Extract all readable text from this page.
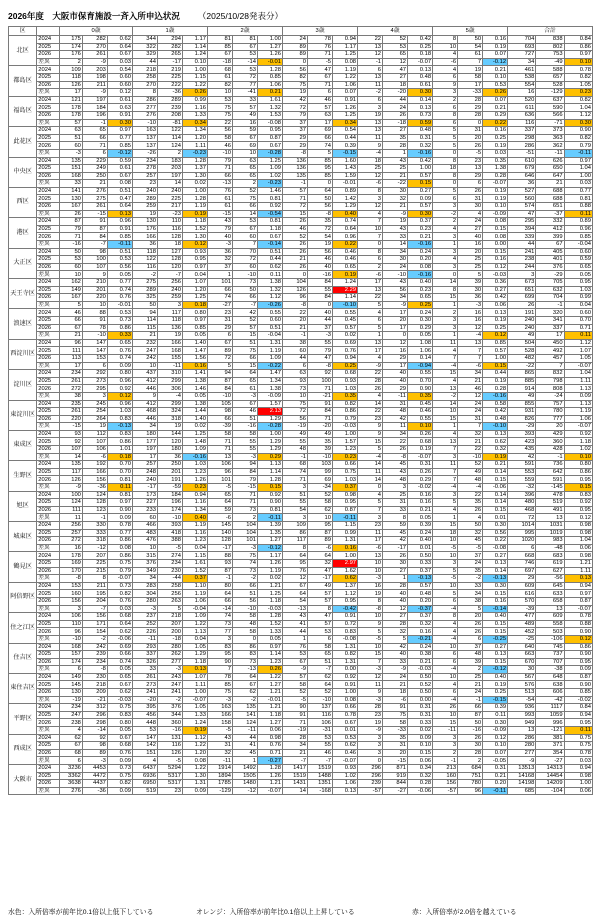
2026年度　大阪市保育施設一斉入所申込状況 （2025/10/28発表分）
区		0歳			1歳			2歳			3歳			4歳			5歳			合計		
北区	2024	175	282	0.62	344	294	1.17	81	81	1.00	24	78	0.94	22	52	0.42	8	50	0.16	704	838	0.84
	2025	174	270	0.64	322	282	1.14	85	67	1.27	89	76	1.17	13	53	0.25	10	54	0.19	693	802	0.86
	2026	176	261	0.67	329	265	1.24	67	53	1.26	89	71	1.25	12	65	0.18	4	61	0.07	727	753	0.97
	差異	2	-9	0.03	44	-17	0.10	-18	-14	-0.01	0	-5	0.08	-1	12	-0.07	-6	7	-0.12	34	-49	0.10
都島区	2024	109	203	0.54	218	219	1.00	68	53	1.28	56	47	1.19	6	47	0.13	4	19	0.21	461	588	0.78
	2025	118	198	0.60	258	225	1.15	61	72	0.85	82	67	1.22	13	27	0.48	6	58	0.10	538	657	0.82
	2026	126	211	0.60	270	222	1.22	82	77	1.06	75	71	1.06	11	18	0.61	9	17	0.53	554	528	1.05
	差異	17	-9	0.12	8	-36	0.26	10	-41	0.21	19	6	0.07	-2	-20	0.30	3	-33	0.26	16	-129	0.23
福島区	2024	121	197	0.61	286	289	0.99	53	33	1.61	42	46	0.91	6	44	0.14	2	28	0.07	520	637	0.82
	2025	178	184	0.63	277	239	1.16	75	57	1.32	72	57	1.26	3	24	0.13	6	29	0.21	611	590	1.04
	2026	178	196	0.91	276	208	1.33	75	49	1.53	79	63	1.25	19	26	0.73	8	28	0.29	636	566	1.12
	差異	57	-1	0.30	-10	-81	0.34	22	16	-0.08	37	17	0.34	13	-18	0.59	6	0	0.22	116	-71	0.30
此花区	2024	63	65	0.97	163	122	1.34	56	59	0.95	37	69	0.54	13	27	0.48	5	31	0.16	337	373	0.90
	2025	51	66	0.77	137	114	1.20	58	67	0.87	29	66	0.44	11	35	0.31	5	20	0.25	298	363	0.82
	2026	60	71	0.85	137	124	1.11	46	69	0.67	29	74	0.39	9	28	0.32	5	26	0.19	286	362	0.79
	差異	-3	6	-0.12	-26	2	-0.23	-10	10	-0.28	-8	5	-0.15	-4	1	-0.16	0	-5	0.03	-51	-11	-0.11
中央区	2024	135	229	0.59	234	183	1.28	79	63	1.25	136	85	1.60	18	43	0.42	8	23	0.35	610	626	0.97
	2025	151	249	0.61	278	203	1.37	71	65	1.09	136	95	1.43	25	25	1.00	18	13	1.38	679	650	1.04
	2026	168	250	0.67	257	197	1.30	66	65	1.02	135	85	1.59	12	21	0.57	8	29	0.28	646	647	1.00
	差異	33	21	0.08	23	14	0.02	-13	2	-0.23	-1	0	-0.01	-6	-22	0.15	0	6	-0.07	36	21	0.03
西区	2024	141	276	0.51	240	240	1.00	76	52	1.46	57	64	0.89	8	30	0.27	5	26	0.19	527	688	0.77
	2025	130	275	0.47	289	225	1.28	61	75	0.81	71	50	1.42	3	32	0.09	6	31	0.19	560	688	0.81
	2026	167	261	0.64	259	217	1.19	61	66	0.92	72	56	1.29	12	21	0.57	3	30	0.10	574	651	0.88
	差異	26	-15	0.13	19	-23	0.19	-15	14	-0.54	15	-8	0.40	4	-9	0.30	-2	4	-0.09	47	-37	0.11
港区	2024	87	91	0.96	130	110	1.18	43	53	0.81	26	35	0.74	7	19	0.37	2	24	0.08	295	332	0.89
	2025	79	87	0.91	176	116	1.52	79	67	1.18	46	72	0.64	10	43	0.23	4	27	0.15	394	412	0.96
	2026	71	84	0.85	166	128	1.30	40	60	0.67	52	54	0.96	7	33	0.21	3	40	0.08	339	399	0.85
	差異	-16	-7	-0.11	36	18	0.12	-3	7	-0.14	26	19	0.22	0	14	-0.16	1	16	0.00	44	67	-0.04
大正区	2024	50	98	0.51	118	127	0.93	36	70	0.51	26	56	0.46	8	34	0.24	3	20	0.15	241	405	0.60
	2025	53	100	0.53	122	128	0.95	32	72	0.44	21	46	0.46	6	30	0.20	4	25	0.16	238	401	0.59
	2026	60	107	0.56	116	120	0.97	37	60	0.62	26	40	0.65	2	24	0.08	3	25	0.12	244	376	0.65
	差異	10	9	0.05	-2	-7	0.04	1	-10	0.11	0	-16	0.19	-6	-10	-0.16	0	5	-0.03	3	-29	0.05
天王寺区	2024	162	210	0.77	275	256	1.07	101	73	1.38	104	84	1.24	17	43	0.40	14	39	0.36	673	705	0.95
	2025	149	201	0.74	289	240	1.20	66	50	1.32	126	55	2.29	13	56	0.23	8	30	0.27	651	632	1.03
	2026	167	220	0.76	325	259	1.25	74	66	1.12	96	84	1.14	22	34	0.65	15	36	0.42	699	704	0.99
	差異	5	10	-0.01	50	3	0.18	-27	-7	-0.26	-8	0	-0.10	5	-9	0.25	1	-3	0.06	26	-1	0.04
浪速区	2024	46	88	0.53	94	117	0.80	23	42	0.55	22	40	0.55	4	17	0.24	2	16	0.13	191	320	0.60
	2025	66	91	0.73	114	118	0.97	31	52	0.60	20	44	0.45	6	20	0.30	3	16	0.19	240	341	0.70
	2026	67	78	0.86	115	136	0.85	29	57	0.51	21	37	0.57	5	17	0.29	3	12	0.25	240	337	0.71
	差異	21	-10	0.33	21	19	0.05	6	15	-0.04	-1	-3	0.02	1	0	0.05	1	-4	0.12	49	17	0.11
西淀川区	2024	96	147	0.65	232	166	1.40	67	51	1.31	38	55	0.69	13	12	1.08	11	13	0.85	504	450	1.12
	2025	111	147	0.76	247	168	1.47	89	75	1.19	60	79	0.76	17	16	1.06	4	7	0.57	528	492	1.07
	2026	113	153	0.74	242	155	1.56	72	66	1.09	44	47	0.94	4	29	0.14	7	7	1.00	482	457	1.05
	差異	17	6	0.09	10	-11	0.16	5	15	-0.22	6	-8	0.25	-9	17	-0.94	-4	-6	0.15	-22	7	-0.07
淀川区	2024	234	292	0.80	437	310	1.41	94	64	1.47	63	92	0.68	22	40	0.55	15	34	0.44	865	832	1.04
	2025	261	273	0.96	412	299	1.38	87	65	1.34	93	100	0.93	28	40	0.70	4	21	0.19	885	798	1.11
	2026	272	295	0.92	446	306	1.46	84	61	1.38	73	71	1.03	26	29	0.90	13	46	0.28	914	808	1.13
	差異	38	3	0.12	9	-4	0.05	-10	-3	-0.09	10	-21	0.35	4	-11	0.35	-2	12	-0.16	49	-24	0.09
東淀川区	2024	235	245	0.96	412	299	1.38	105	67	1.57	75	91	0.82	14	31	0.45	14	24	0.58	855	757	1.13
	2025	261	254	1.03	468	324	1.44	98	46	2.13	72	84	0.86	22	48	0.46	10	24	0.42	931	780	1.19
	2026	220	264	0.83	446	318	1.40	66	51	1.29	56	71	0.79	23	42	0.55	15	31	0.48	826	777	1.06
	差異	-15	19	-0.13	34	19	0.02	-39	-16	-0.28	-19	-20	-0.03	9	11	0.10	1	7	-0.10	-29	20	-0.07
東成区	2024	93	112	0.83	180	144	1.25	58	58	1.00	49	49	1.00	9	34	0.26	4	32	0.13	393	429	0.92
	2025	92	107	0.86	177	120	1.48	71	55	1.29	55	35	1.57	15	22	0.68	13	21	0.62	423	360	1.18
	2026	107	106	1.01	197	180	1.09	71	55	1.29	48	39	1.23	5	26	0.19	7	22	0.32	435	428	1.02
	差異	14	-6	0.18	17	36	-0.16	13	-3	0.29	-1	-10	0.23	-4	-8	-0.07	3	-10	0.19	42	-1	0.10
生野区	2024	135	192	0.70	257	250	1.03	106	94	1.13	68	103	0.66	14	45	0.31	11	52	0.21	591	736	0.80
	2025	117	166	0.70	248	201	1.23	96	84	1.14	74	99	0.75	11	43	0.26	7	49	0.14	553	642	0.86
	2026	126	156	0.81	240	191	1.26	101	79	1.28	71	69	1.03	14	48	0.29	7	48	0.15	559	591	0.95
	差異	-9	-36	0.11	-17	-59	0.23	-5	-15	0.15	3	-34	0.37	0	3	-0.02	-4	-4	-0.06	-32	-145	0.15
旭区	2024	100	124	0.81	173	184	0.94	65	71	0.92	51	52	0.98	4	25	0.16	3	22	0.14	396	478	0.83
	2025	124	128	0.97	227	196	1.16	64	71	0.90	55	58	0.95	5	31	0.16	5	35	0.14	480	519	0.92
	2026	111	123	0.90	233	174	1.34	59	73	0.81	54	62	0.87	7	33	0.21	4	26	0.15	468	491	0.95
	差異	11	-1	0.09	60	-10	0.40	-6	2	-0.11	3	10	-0.11	3	8	0.05	1	4	0.01	72	13	0.12
城東区	2024	256	330	0.78	466	393	1.19	145	104	1.39	109	95	1.15	23	59	0.39	15	50	0.30	1014	1031	0.98
	2025	257	333	0.77	483	418	1.16	140	104	1.35	86	87	0.99	11	45	0.24	18	32	0.56	995	1019	0.98
	2026	272	318	0.86	476	388	1.23	128	101	1.27	117	89	1.31	17	42	0.40	10	45	0.22	1020	983	1.04
	差異	16	-12	0.08	10	-5	0.04	-17	-3	-0.12	8	-6	0.16	-6	-17	0.01	-5	-5	-0.08	6	-48	0.06
鶴見区	2024	178	207	0.86	315	274	1.15	88	75	1.17	64	64	1.00	13	26	0.50	10	37	0.27	668	683	0.98
	2025	169	225	0.75	376	234	1.61	93	74	1.26	95	32	2.97	10	30	0.33	3	24	0.13	746	619	1.21
	2026	170	215	0.79	349	230	1.52	87	73	1.19	76	47	1.62	10	27	0.37	5	35	0.14	697	627	1.11
	差異	-8	8	-0.07	34	-44	0.37	-1	-2	0.02	12	-17	0.62	-3	1	-0.13	-5	-2	-0.13	29	-56	0.13
阿倍野区	2024	153	211	0.73	283	258	1.10	80	66	1.21	67	49	1.37	16	28	0.57	10	33	0.30	609	645	0.94
	2025	160	195	0.82	304	256	1.19	64	51	1.25	64	57	1.12	19	40	0.48	5	34	0.15	616	633	0.97
	2026	156	204	0.76	280	263	1.06	66	56	1.18	54	57	0.95	8	40	0.20	6	38	0.16	570	658	0.87
	差異	3	-7	0.03	-3	5	-0.04	-14	-10	-0.03	-13	8	-0.42	-8	12	-0.37	-4	5	-0.14	-39	13	-0.07
住之江区	2024	106	156	0.68	237	218	1.09	74	58	1.28	43	47	0.91	10	27	0.37	8	20	0.40	477	609	0.78
	2025	110	171	0.64	252	207	1.22	73	48	1.52	41	57	0.72	9	28	0.32	4	26	0.15	489	558	0.88
	2026	96	154	0.62	226	200	1.13	77	58	1.33	44	53	0.83	5	32	0.16	4	26	0.15	452	503	0.90
	差異	-10	-2	-0.06	-11	-18	0.04	3	0	0.05	1	6	-0.08	-5	5	-0.21	-4	6	-0.25	-25	-106	0.12
住吉区	2024	168	242	0.69	293	280	1.05	83	86	0.97	76	58	1.31	10	42	0.24	10	37	0.27	640	745	0.86
	2025	157	239	0.66	337	262	1.29	95	83	1.14	53	65	0.82	15	40	0.38	6	48	0.13	663	737	0.90
	2026	174	234	0.74	326	277	1.18	90	73	1.23	67	51	1.31	7	33	0.21	6	39	0.15	670	707	0.95
	差異	6	-8	0.05	33	-3	0.13	7	-13	0.26	-9	-7	0.00	-3	-9	-0.03	-4	2	-0.12	30	-38	0.09
東住吉区	2024	149	230	0.65	261	243	1.07	78	64	1.22	57	62	0.92	12	24	0.50	10	25	0.40	567	648	0.87
	2025	145	218	0.67	273	247	1.11	85	67	1.27	58	64	0.91	11	21	0.52	4	21	0.19	576	638	0.90
	2026	130	209	0.62	241	241	1.00	75	62	1.21	52	52	1.00	9	18	0.50	6	24	0.25	513	606	0.85
	差異	-19	-21	-0.03	-20	-2	-0.07	-3	-2	-0.01	-5	-10	0.08	-3	-6	0.00	-4	-1	-0.15	-54	-42	-0.02
平野区	2024	234	312	0.75	395	376	1.05	163	135	1.21	90	137	0.66	28	91	0.31	26	66	0.39	936	1117	0.84
	2025	247	296	0.83	456	344	1.33	166	141	1.18	91	116	0.78	23	75	0.31	10	87	0.11	993	1059	0.94
	2026	238	298	0.80	448	360	1.24	158	124	1.27	71	106	0.67	19	58	0.33	15	50	0.30	949	996	0.95
	差異	4	-14	0.05	53	-16	0.19	-5	-11	0.06	-19	-31	0.01	-9	-33	0.02	-11	-16	-0.09	13	-121	0.11
西成区	2024	62	92	0.67	147	131	1.12	43	44	0.98	28	53	0.53	3	35	0.09	3	26	0.12	286	381	0.75
	2025	67	98	0.68	142	116	1.22	31	41	0.76	34	55	0.62	3	31	0.10	3	30	0.10	280	371	0.75
	2026	68	89	0.76	151	126	1.20	32	45	0.71	21	46	0.46	3	20	0.15	2	28	0.07	277	354	0.78
	差異	6	-3	0.09	4	-5	0.08	-11	1	-0.27	-7	-7	-0.07	0	-15	0.06	-1	2	-0.05	-9	-27	0.03
大阪市	2024	3236	4453	0.73	6437	5294	1.22	1914	1492	1.28	1417	1519	0.93	296	871	0.34	213	684	0.31	13513	14313	0.94
	2025	3362	4472	0.75	6936	5317	1.30	1894	1505	1.26	1519	1488	1.02	296	919	0.32	160	751	0.21	14168	14454	0.98
	2026	3638	4437	0.82	6950	5317	1.31	1785	1480	1.21	1431	1351	1.06	239	844	0.28	156	780	0.20	14198	14209	1.00
	差異	276	-36	0.09	519	23	0.09	-129	-12	-0.07	14	-168	0.13	-57	-27	-0.06	-57	96	-0.11	685	-104	0.06
水色：入所倍率が前年比0.1倍以上低下している	オレンジ：入所倍率が前年比0.1倍以上上昇している	赤：入所倍率が2.0倍を越えている
